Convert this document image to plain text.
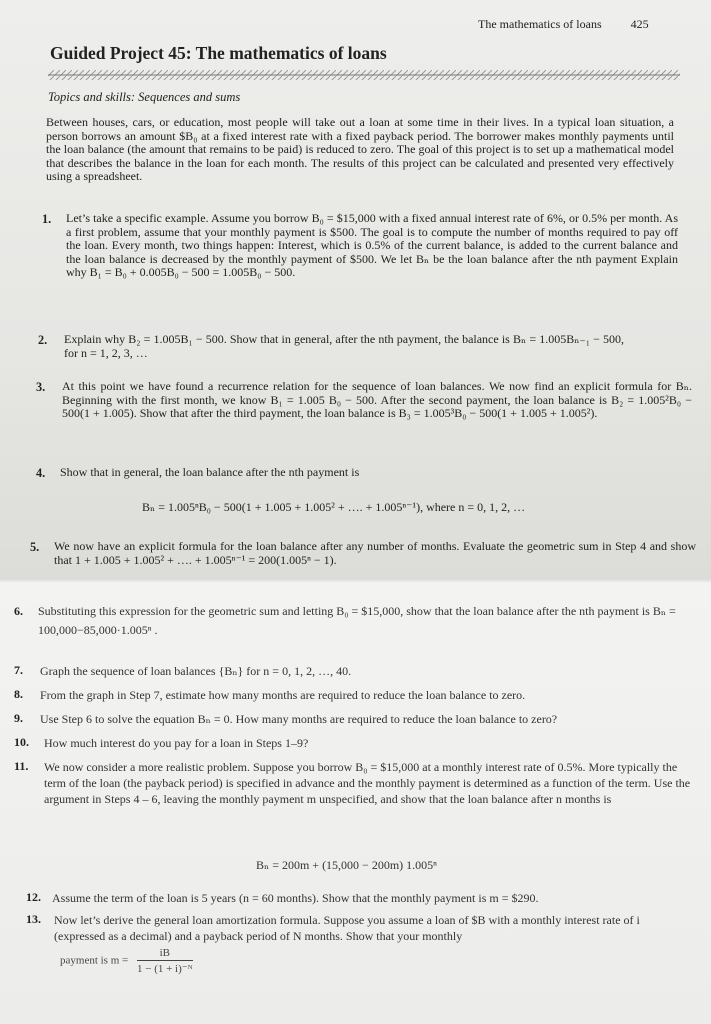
The mathematics of loans 425
Guided Project 45: The mathematics of loans
Topics and skills: Sequences and sums

Between houses, cars, or education, most people will take out a loan at some time in their lives. In a typical loan situation, a person borrows an amount $B₀ at a fixed interest rate with a fixed payback period. The borrower makes monthly payments until the loan balance (the amount that remains to be paid) is reduced to zero. The goal of this project is to set up a mathematical model that describes the balance in the loan for each month. The results of this project can be calculated and presented very effectively using a spreadsheet.

1. Let’s take a specific example. Assume you borrow B₀ = $15,000 with a fixed annual interest rate of 6%, or 0.5% per month. As a first problem, assume that your monthly payment is $500. The goal is to compute the number of months required to pay off the loan. Every month, two things happen: Interest, which is 0.5% of the current balance, is added to the current balance and the loan balance is decreased by the monthly payment of $500. We let Bₙ be the loan balance after the nth payment Explain why B₁ = B₀ + 0.005B₀ − 500 = 1.005B₀ − 500.

2. Explain why B₂ = 1.005B₁ − 500. Show that in general, after the nth payment, the balance is Bₙ = 1.005Bₙ₋₁ − 500, for n = 1, 2, 3, …

3. At this point we have found a recurrence relation for the sequence of loan balances. We now find an explicit formula for Bₙ. Beginning with the first month, we know B₁ = 1.005 B₀ − 500. After the second payment, the loan balance is B₂ = 1.005²B₀ − 500(1 + 1.005). Show that after the third payment, the loan balance is B₃ = 1.005³B₀ − 500(1 + 1.005 + 1.005²).

4. Show that in general, the loan balance after the nth payment is

Bₙ = 1.005ⁿB₀ − 500(1 + 1.005 + 1.005² + …. + 1.005ⁿ⁻¹), where n = 0, 1, 2, …
5. We now have an explicit formula for the loan balance after any number of months. Evaluate the geometric sum in Step 4 and show that 1 + 1.005 + 1.005² + …. + 1.005ⁿ⁻¹ = 200(1.005ⁿ − 1).

6. Substituting this expression for the geometric sum and letting B₀ = $15,000, show that the loan balance after the nth payment is Bₙ = 100,000−85,000·1.005ⁿ .

7. Graph the sequence of loan balances {Bₙ} for n = 0, 1, 2, …, 40.

8. From the graph in Step 7, estimate how many months are required to reduce the loan balance to zero.

9. Use Step 6 to solve the equation Bₙ = 0. How many months are required to reduce the loan balance to zero?

10. How much interest do you pay for a loan in Steps 1–9?

11. We now consider a more realistic problem. Suppose you borrow B₀ = $15,000 at a monthly interest rate of 0.5%. More typically the term of the loan (the payback period) is specified in advance and the monthly payment is determined as a function of the term. Use the argument in Steps 4 – 6, leaving the monthly payment m unspecified, and show that the loan balance after n months is

Bₙ = 200m + (15,000 − 200m) 1.005ⁿ
12. Assume the term of the loan is 5 years (n = 60 months). Show that the monthly payment is m = $290.

13. Now let’s derive the general loan amortization formula. Suppose you assume a loan of $B with a monthly interest rate of i (expressed as a decimal) and a payback period of N months. Show that your monthly

payment is $m = \frac{iB}{\text{1 − (1 + i)⁻ᴺ}}$
